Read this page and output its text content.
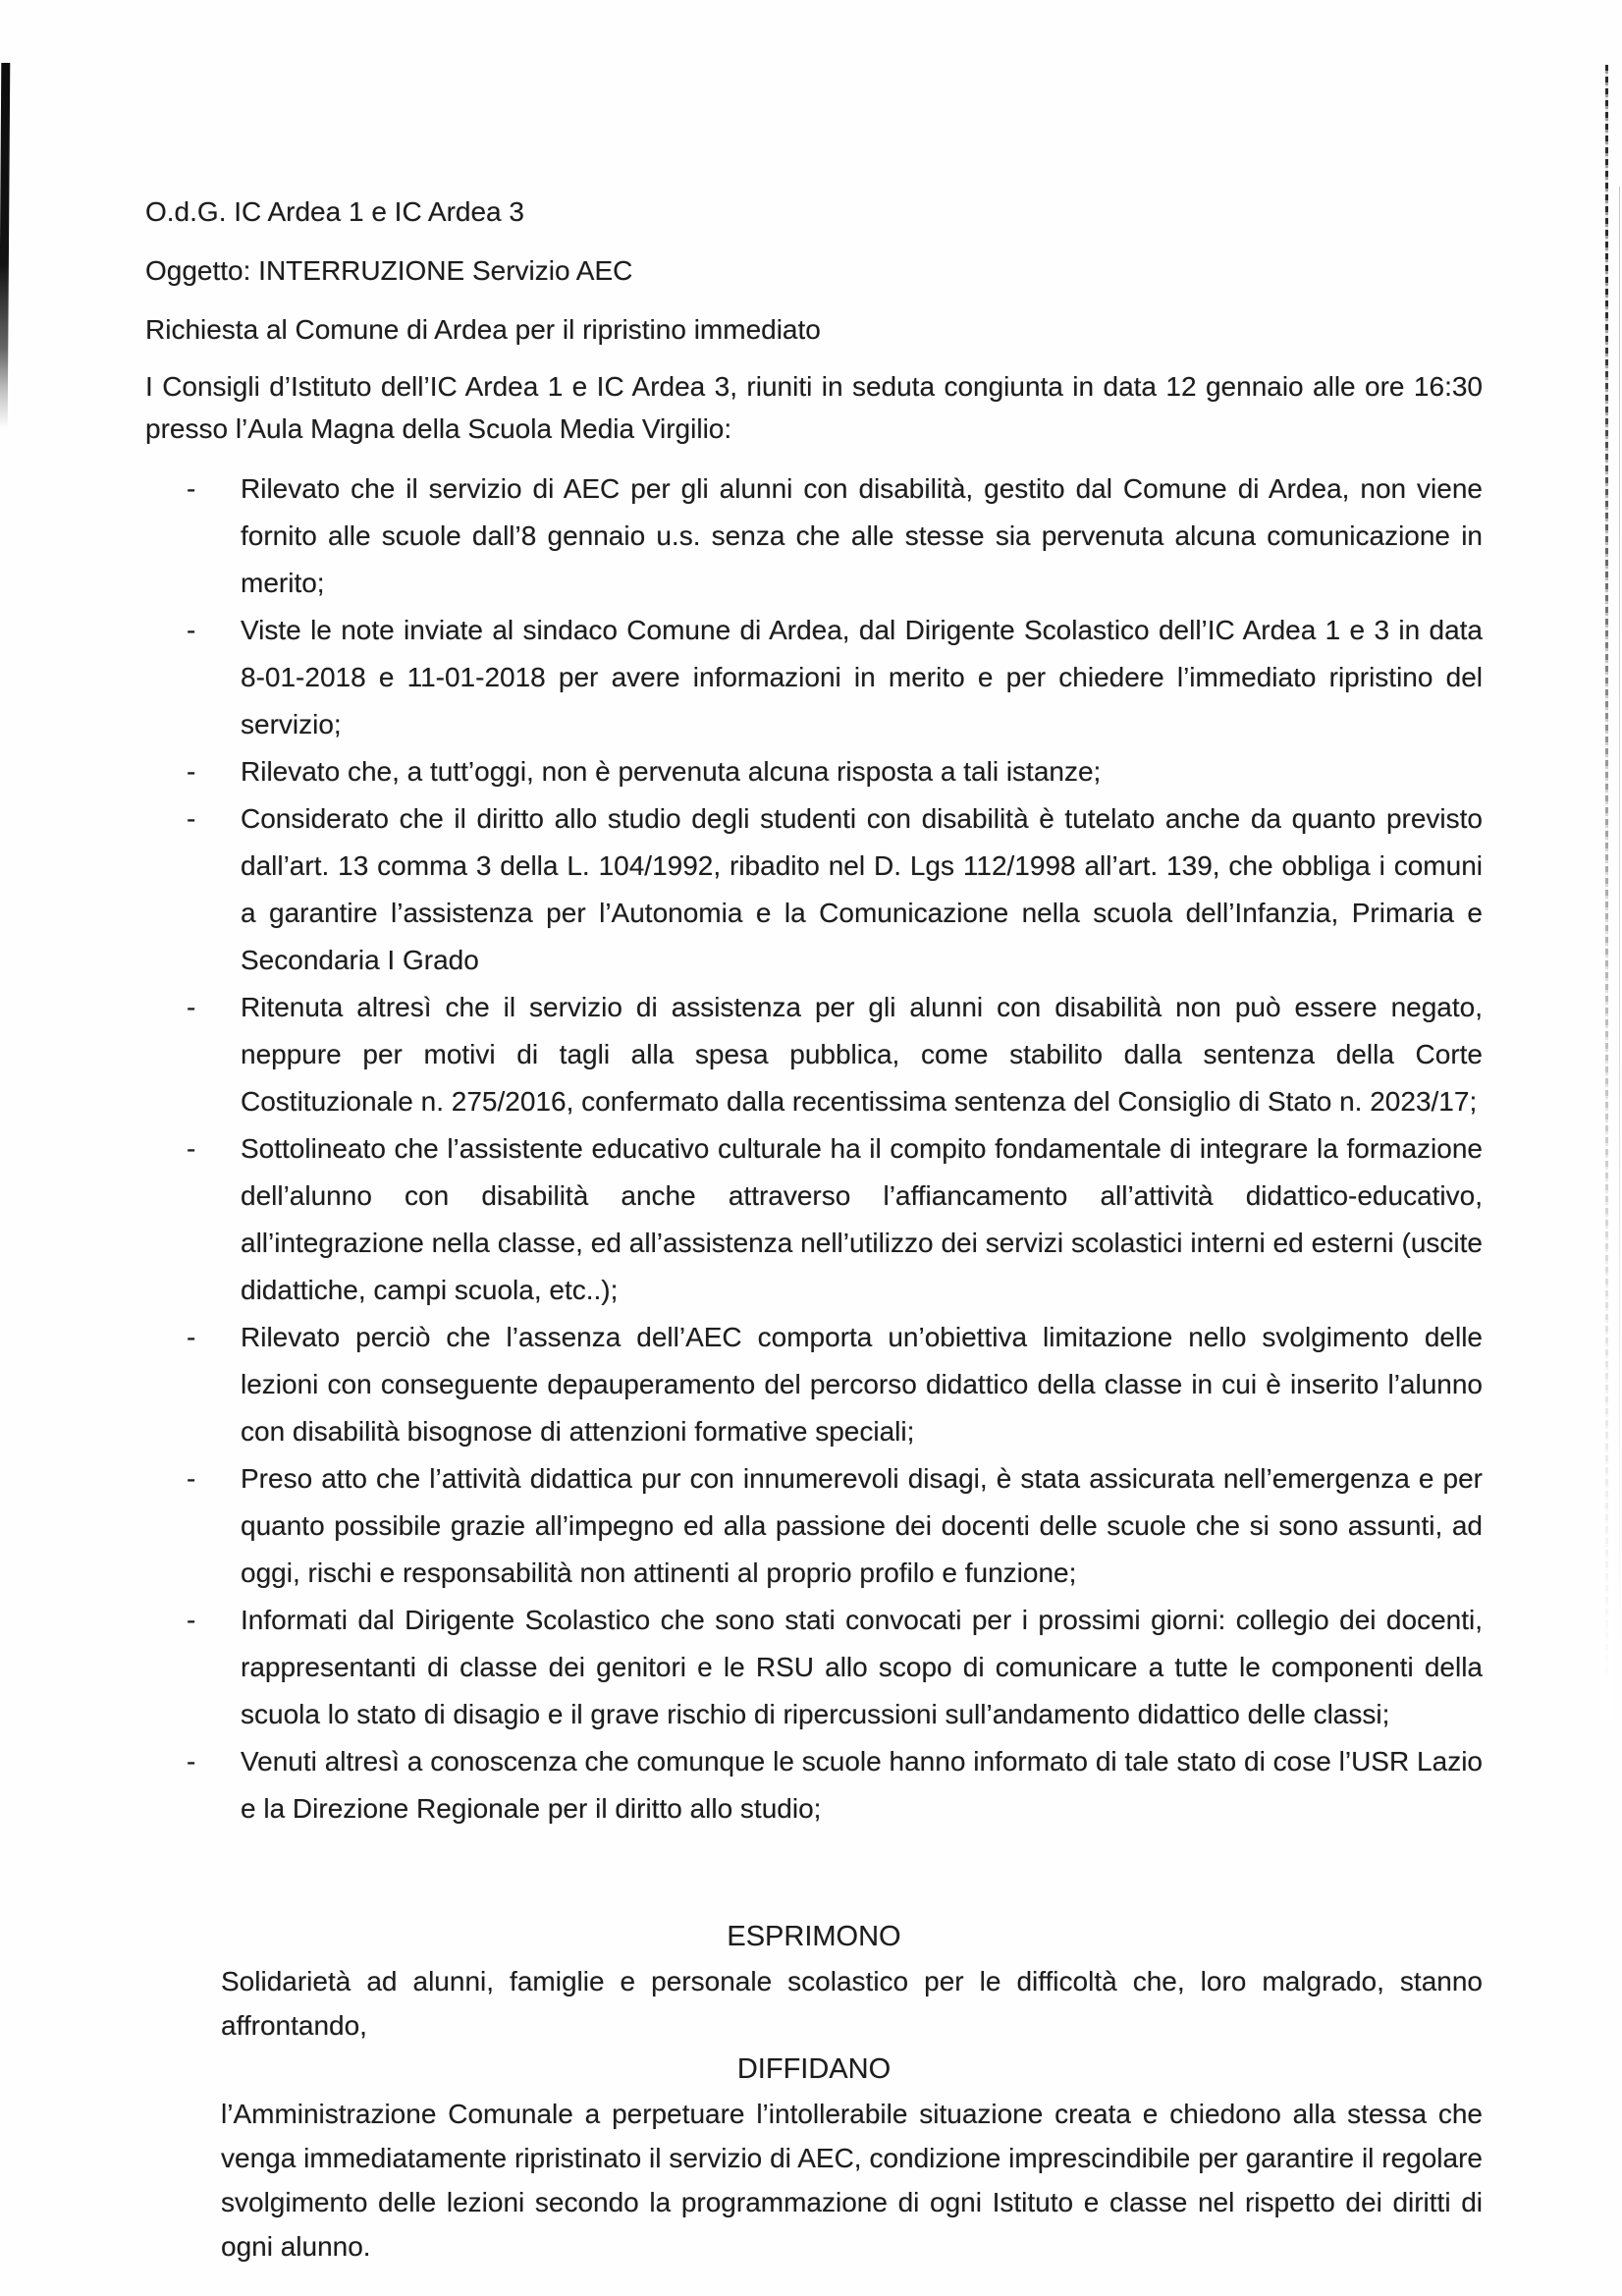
O.d.G. IC Ardea 1 e IC Ardea 3

Oggetto: INTERRUZIONE Servizio AEC

Richiesta al Comune di Ardea per il ripristino immediato

I Consigli d’Istituto dell’IC Ardea 1 e IC Ardea 3, riuniti in seduta congiunta in data 12 gennaio alle ore 16:30 presso l’Aula Magna della Scuola Media Virgilio:

- Rilevato che il servizio di AEC per gli alunni con disabilità, gestito dal Comune di Ardea, non viene fornito alle scuole dall’8 gennaio u.s. senza che alle stesse sia pervenuta alcuna comunicazione in merito;
- Viste le note inviate al sindaco Comune di Ardea, dal Dirigente Scolastico dell’IC Ardea 1 e 3 in data 8-01-2018 e 11-01-2018 per avere informazioni in merito e per chiedere l’immediato ripristino del servizio;
- Rilevato che, a tutt’oggi, non è pervenuta alcuna risposta a tali istanze;
- Considerato che il diritto allo studio degli studenti con disabilità è tutelato anche da quanto previsto dall’art. 13 comma 3 della L. 104/1992, ribadito nel D. Lgs 112/1998 all’art. 139, che obbliga i comuni a garantire l’assistenza per l’Autonomia e la Comunicazione nella scuola dell’Infanzia, Primaria e Secondaria I Grado
- Ritenuta altresì che il servizio di assistenza per gli alunni con disabilità non può essere negato, neppure per motivi di tagli alla spesa pubblica, come stabilito dalla sentenza della Corte Costituzionale n. 275/2016, confermato dalla recentissima sentenza del Consiglio di Stato n. 2023/17;
- Sottolineato che l’assistente educativo culturale ha il compito fondamentale di integrare la formazione dell’alunno con disabilità anche attraverso l’affiancamento all’attività didattico-educativo, all’integrazione nella classe, ed all’assistenza nell’utilizzo dei servizi scolastici interni ed esterni (uscite didattiche, campi scuola, etc..);
- Rilevato perciò che l’assenza dell’AEC comporta un’obiettiva limitazione nello svolgimento delle lezioni con conseguente depauperamento del percorso didattico della classe in cui è inserito l’alunno con disabilità bisognose di attenzioni formative speciali;
- Preso atto che l’attività didattica pur con innumerevoli disagi, è stata assicurata nell’emergenza e per quanto possibile grazie all’impegno ed alla passione dei docenti delle scuole che si sono assunti, ad oggi, rischi e responsabilità non attinenti al proprio profilo e funzione;
- Informati dal Dirigente Scolastico che sono stati convocati per i prossimi giorni: collegio dei docenti, rappresentanti di classe dei genitori e le RSU allo scopo di comunicare a tutte le componenti della scuola lo stato di disagio e il grave rischio di ripercussioni sull’andamento didattico delle classi;
- Venuti altresì a conoscenza che comunque le scuole hanno informato di tale stato di cose l’USR Lazio e la Direzione Regionale per il diritto allo studio;
ESPRIMONO

Solidarietà ad alunni, famiglie e personale scolastico per le difficoltà che, loro malgrado, stanno affrontando,

DIFFIDANO

l’Amministrazione Comunale a perpetuare l’intollerabile situazione creata e chiedono alla stessa che venga immediatamente ripristinato il servizio di AEC, condizione imprescindibile per garantire il regolare svolgimento delle lezioni secondo la programmazione di ogni Istituto e classe nel rispetto dei diritti di ogni alunno.
